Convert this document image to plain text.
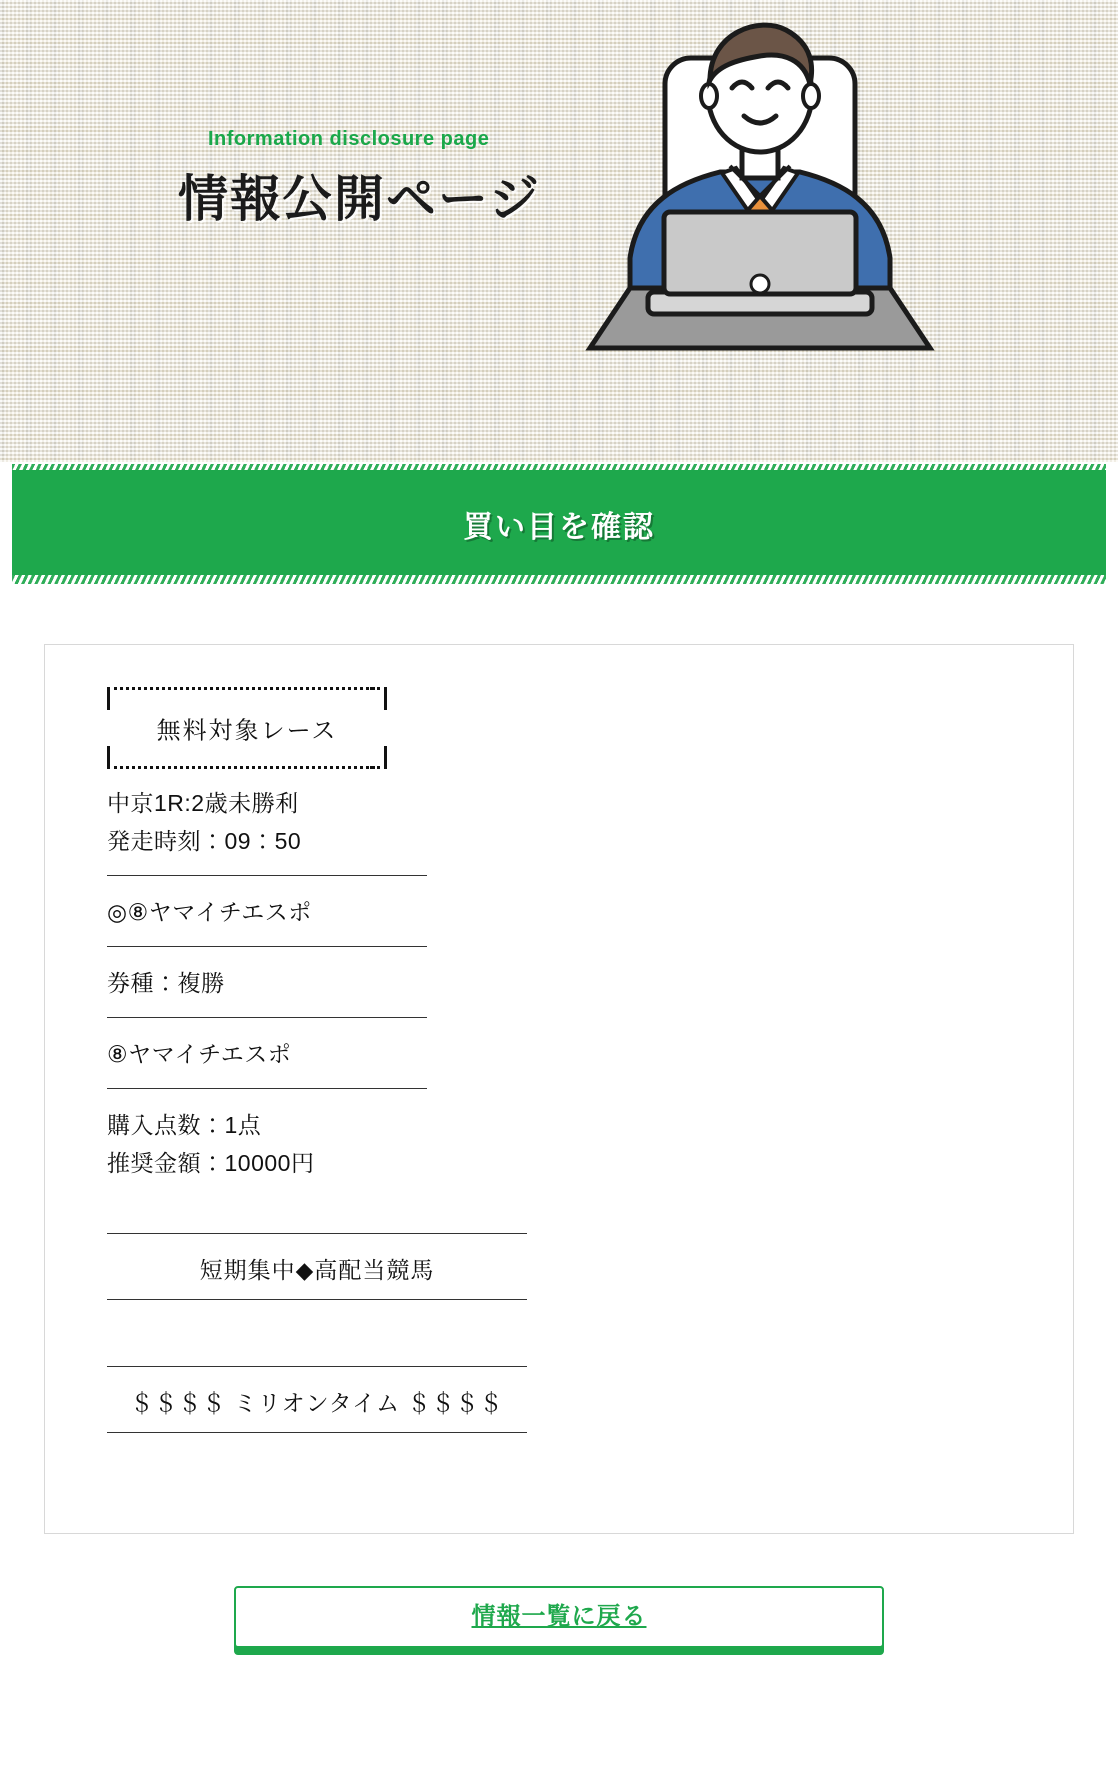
Information disclosure page
情報公開ページ
買い目を確認
無料対象レース

中京1R:2歳未勝利

発走時刻：09：50

◎⑧ヤマイチエスポ

券種：複勝

⑧ヤマイチエスポ

購入点数：1点

推奨金額：10000円

短期集中◆高配当競馬

＄＄＄＄ ミリオンタイム ＄＄＄＄

情報一覧に戻る
